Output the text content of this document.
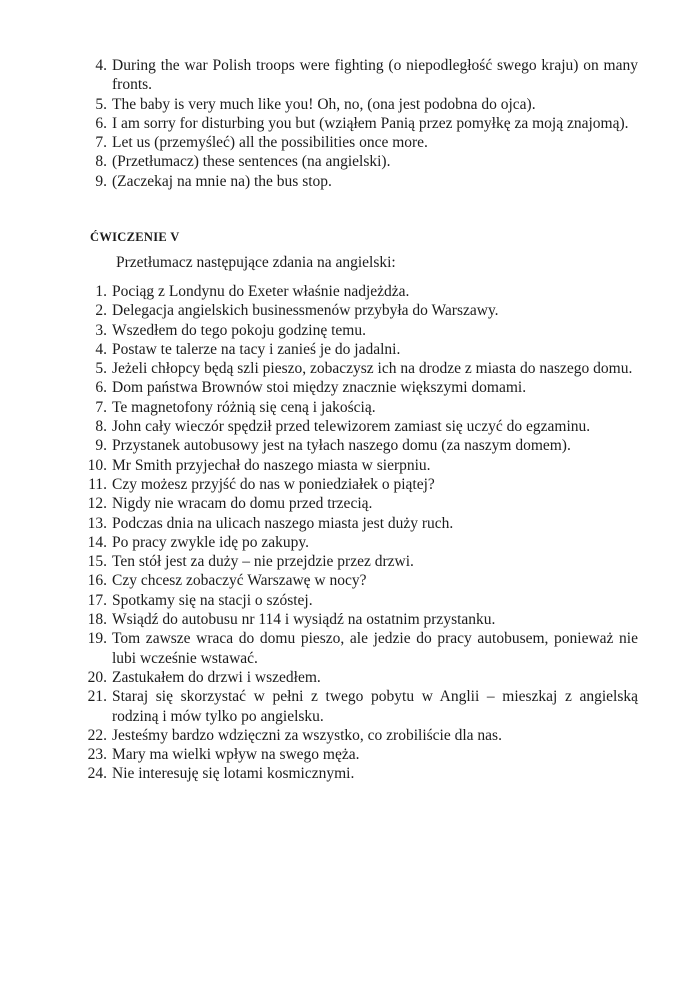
4. During the war Polish troops were fighting (o niepodległość swego kraju) on many fronts.
5. The baby is very much like you! Oh, no, (ona jest podobna do ojca).
6. I am sorry for disturbing you but (wziąłem Panią przez pomyłkę za moją znajomą).
7. Let us (przemyśleć) all the possibilities once more.
8. (Przetłumacz) these sentences (na angielski).
9. (Zaczekaj na mnie na) the bus stop.
ĆWICZENIE V

Przetłumacz następujące zdania na angielski:

1. Pociąg z Londynu do Exeter właśnie nadjeżdża.
2. Delegacja angielskich businessmenów przybyła do Warszawy.
3. Wszedłem do tego pokoju godzinę temu.
4. Postaw te talerze na tacy i zanieś je do jadalni.
5. Jeżeli chłopcy będą szli pieszo, zobaczysz ich na drodze z miasta do naszego domu.
6. Dom państwa Brownów stoi między znacznie większymi domami.
7. Te magnetofony różnią się ceną i jakością.
8. John cały wieczór spędził przed telewizorem zamiast się uczyć do egzaminu.
9. Przystanek autobusowy jest na tyłach naszego domu (za naszym domem).
10. Mr Smith przyjechał do naszego miasta w sierpniu.
11. Czy możesz przyjść do nas w poniedziałek o piątej?
12. Nigdy nie wracam do domu przed trzecią.
13. Podczas dnia na ulicach naszego miasta jest duży ruch.
14. Po pracy zwykle idę po zakupy.
15. Ten stół jest za duży – nie przejdzie przez drzwi.
16. Czy chcesz zobaczyć Warszawę w nocy?
17. Spotkamy się na stacji o szóstej.
18. Wsiądź do autobusu nr 114 i wysiądź na ostatnim przystanku.
19. Tom zawsze wraca do domu pieszo, ale jedzie do pracy autobusem, ponieważ nie lubi wcześnie wstawać.
20. Zastukałem do drzwi i wszedłem.
21. Staraj się skorzystać w pełni z twego pobytu w Anglii – mieszkaj z angielską rodziną i mów tylko po angielsku.
22. Jesteśmy bardzo wdzięczni za wszystko, co zrobiliście dla nas.
23. Mary ma wielki wpływ na swego męża.
24. Nie interesuję się lotami kosmicznymi.
